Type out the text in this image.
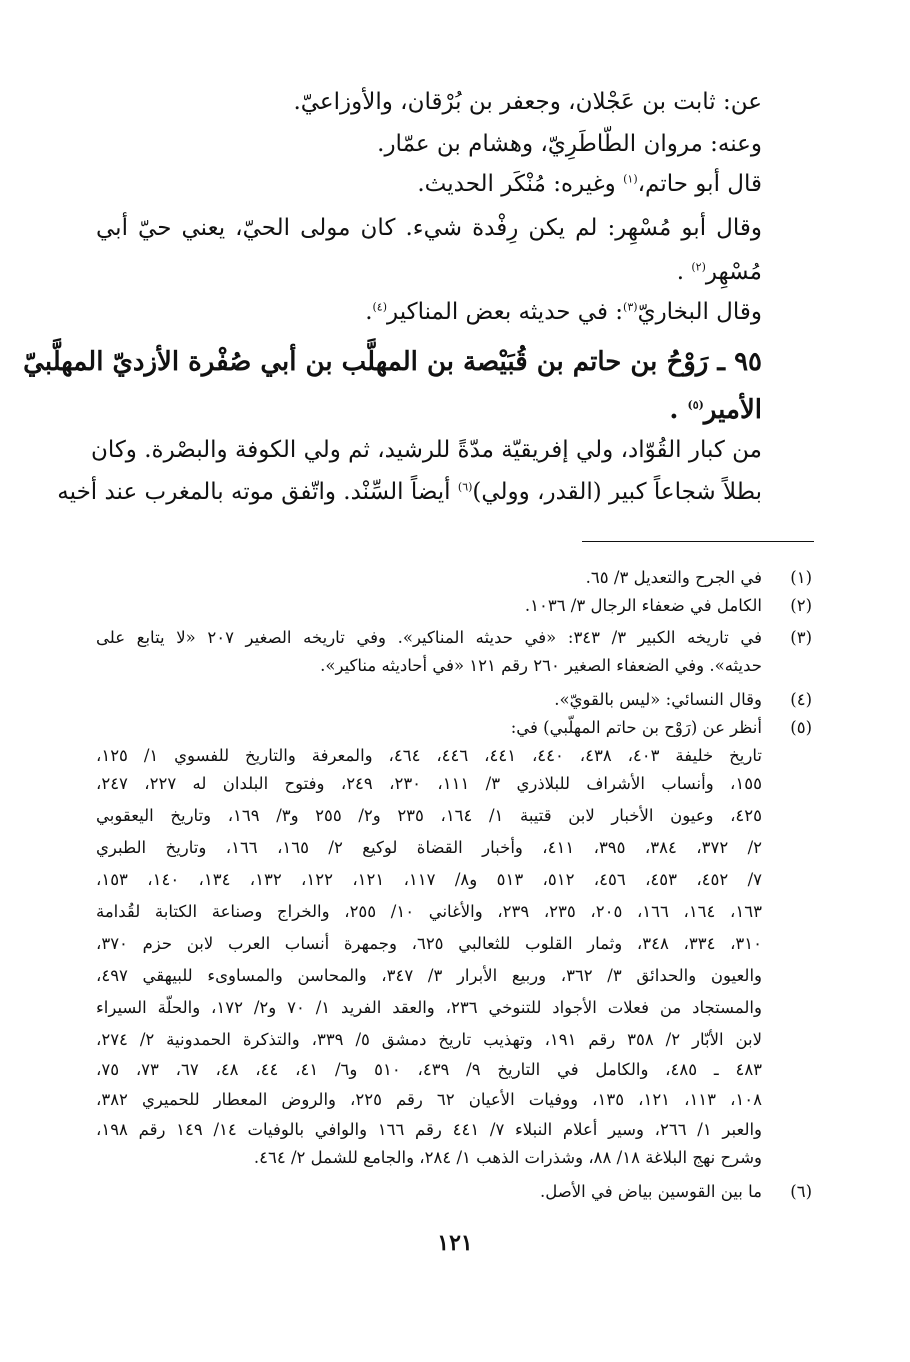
عن: ثابت بن عَجْلان، وجعفر بن بُرْقان، والأوزاعيّ.
وعنه: مروان الطّاطَرِيّ، وهشام بن عمّار.
قال أبو حاتم،$^{(١)}$ وغيره: مُنْكَر الحديث.
وقال أبو مُسْهِر: لم يكن رِفْدة شيء. كان مولى الحيّ، يعني حيّ أبي
مُسْهِر$^{(٢)}$ .
وقال البخاريّ$^{(٣)}$: في حديثه بعض المناكير$^{(٤)}$.
٩٥ ـ رَوْحُ بن حاتم بن قُبَيْصة بن المهلَّب بن أبي صُفْرة الأزديّ المهلَّبيّ
الأمير$^{(٥)}$ .
من كبار القُوّاد، ولي إفريقيّة مدّةً للرشيد، ثم ولي الكوفة والبصْرة. وكان
بطلاً شجاعاً كبير (القدر، وولي)$^{(٦)}$ أيضاً السِّنْد. واتّفق موته بالمغرب عند أخيه
(١)
في الجرح والتعديل ٣/ ٦٥.
(٢)
الكامل في ضعفاء الرجال ٣/ ١٠٣٦.
(٣)
في تاريخه الكبير ٣/ ٣٤٣: «في حديثه المناكير». وفي تاريخه الصغير ٢٠٧ «لا يتابع على
حديثه». وفي الضعفاء الصغير ٢٦٠ رقم ١٢١ «في أحاديثه مناكير».
(٤)
وقال النسائي: «ليس بالقويّ».
(٥)
أنظر عن (رَوْح بن حاتم المهلّبي) في:
تاريخ خليفة ٤٠٣، ٤٣٨، ٤٤٠، ٤٤١، ٤٤٦، ٤٦٤، والمعرفة والتاريخ للفسوي ١/ ١٢٥،
١٥٥، وأنساب الأشراف للبلاذري ٣/ ١١١، ٢٣٠، ٢٤٩، وفتوح البلدان له ٢٢٧، ٢٤٧،
٤٢٥، وعيون الأخبار لابن قتيبة ١/ ١٦٤، ٢٣٥ و٢/ ٢٥٥ و٣/ ١٦٩، وتاريخ اليعقوبي
٢/ ٣٧٢، ٣٨٤، ٣٩٥، ٤١١، وأخبار القضاة لوكيع ٢/ ١٦٥، ١٦٦، وتاريخ الطبري
٧/ ٤٥٢، ٤٥٣، ٤٥٦، ٥١٢، ٥١٣ و٨/ ١١٧، ١٢١، ١٢٢، ١٣٢، ١٣٤، ١٤٠، ١٥٣،
١٦٣، ١٦٤، ١٦٦، ٢٠٥، ٢٣٥، ٢٣٩، والأغاني ١٠/ ٢٥٥، والخراج وصناعة الكتابة لقُدامة
٣١٠، ٣٣٤، ٣٤٨، وثمار القلوب للثعالبي ٦٢٥، وجمهرة أنساب العرب لابن حزم ٣٧٠،
والعيون والحدائق ٣/ ٣٦٢، وربيع الأبرار ٣/ ٣٤٧، والمحاسن والمساوىء للبيهقي ٤٩٧،
والمستجاد من فعلات الأجواد للتنوخي ٢٣٦، والعقد الفريد ١/ ٧٠ و٢/ ١٧٢، والحلّة السيراء
لابن الأبّار ٢/ ٣٥٨ رقم ١٩١، وتهذيب تاريخ دمشق ٥/ ٣٣٩، والتذكرة الحمدونية ٢/ ٢٧٤،
٤٨٣ ـ ٤٨٥، والكامل في التاريخ ٩/ ٤٣٩، ٥١٠ و٦/ ٤١، ٤٤، ٤٨، ٦٧، ٧٣، ٧٥،
١٠٨، ١١٣، ١٢١، ١٣٥، ووفيات الأعيان ٦٢ رقم ٢٢٥، والروض المعطار للحميري ٣٨٢،
والعبر ١/ ٢٦٦، وسير أعلام النبلاء ٧/ ٤٤١ رقم ١٦٦ والوافي بالوفيات ١٤/ ١٤٩ رقم ١٩٨،
وشرح نهج البلاغة ١٨/ ٨٨، وشذرات الذهب ١/ ٢٨٤، والجامع للشمل ٢/ ٤٦٤.
(٦)
ما بين القوسين بياض في الأصل.
١٢١
